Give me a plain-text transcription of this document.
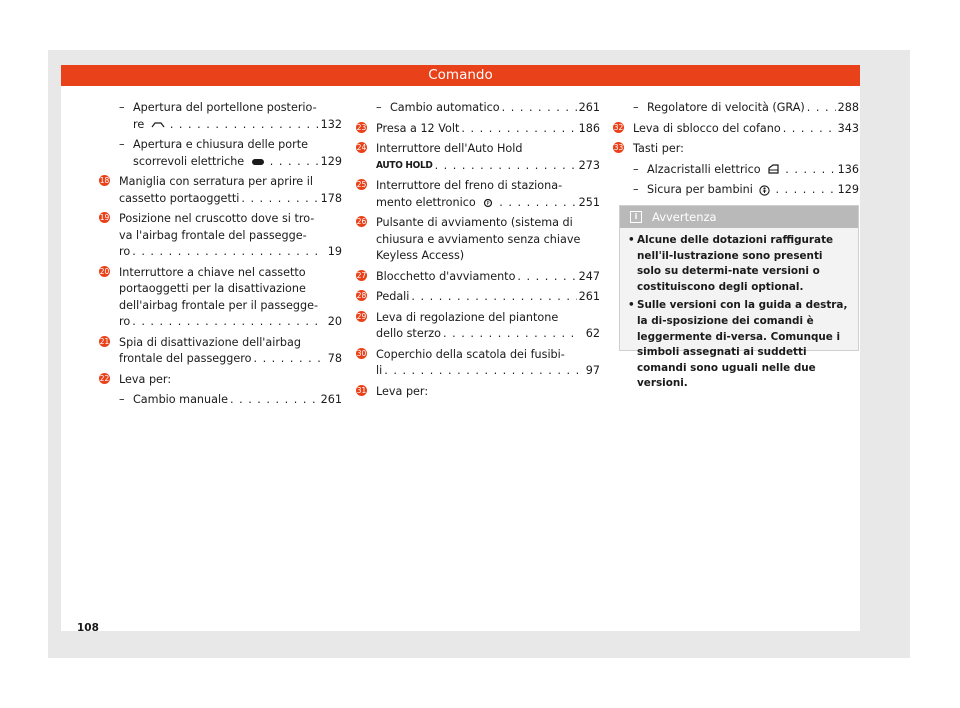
Comando
– Apertura del portellone posterio-
re . . .	132
– Apertura e chiusura delle porte
scorrevoli elettriche . . .	129
18 Maniglia con serratura per aprire il
cassetto portaoggetti . . .	178
19 Posizione nel cruscotto dove si tro-
va l'airbag frontale del passegge-
ro . . .	19
20 Interruttore a chiave nel cassetto
portaoggetti per la disattivazione
dell'airbag frontale per il passegge-
ro . . .	20
21 Spia di disattivazione dell'airbag
frontale del passeggero . . .	78
22 Leva per:
– Cambio manuale . . .	261
– Cambio automatico . . .	261
23 Presa a 12 Volt . . .	186
24 Interruttore dell'Auto Hold
AUTO HOLD . . .	273
25 Interruttore del freno di staziona-
mento elettronico P . . .	251
26 Pulsante di avviamento (sistema di
chiusura e avviamento senza chiave
Keyless Access)
27 Blocchetto d'avviamento . . .	247
28 Pedali . . .	261
29 Leva di regolazione del piantone
dello sterzo . . .	62
30 Coperchio della scatola dei fusibi-
li . . .	97
31 Leva per:
– Regolatore di velocità (GRA) . . .	288
32 Leva di sblocco del cofano . . .	343
33 Tasti per:
– Alzacristalli elettrico . . .	136
– Sicura per bambini . . .	129
i	Avvertenza
• Alcune delle dotazioni raffigurate nell'il-lustrazione sono presenti solo su determi-nate versioni o costituiscono degli optional.
• Sulle versioni con la guida a destra, la di-sposizione dei comandi è leggermente di-versa. Comunque i simboli assegnati ai suddetti comandi sono uguali nelle due versioni.
108
